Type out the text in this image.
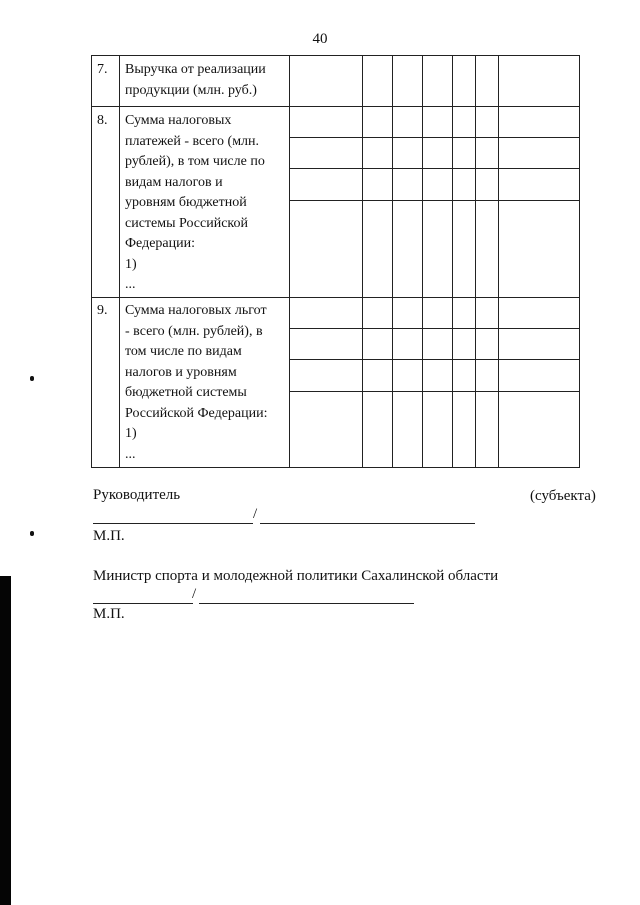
40
7. Выручка от реализации
продукции (млн. руб.)
8. Сумма налоговых
платежей - всего (млн.
рублей), в том числе по
видам налогов и
уровням бюджетной
системы Российской
Федерации:
1)
...
9. Сумма налоговых льгот
- всего (млн. рублей), в
том числе по видам
налогов и уровням
бюджетной системы
Российской Федерации:
1)
...
Руководитель	(субъекта)
/
М.П.
Министр спорта и молодежной политики Сахалинской области
/
М.П.
